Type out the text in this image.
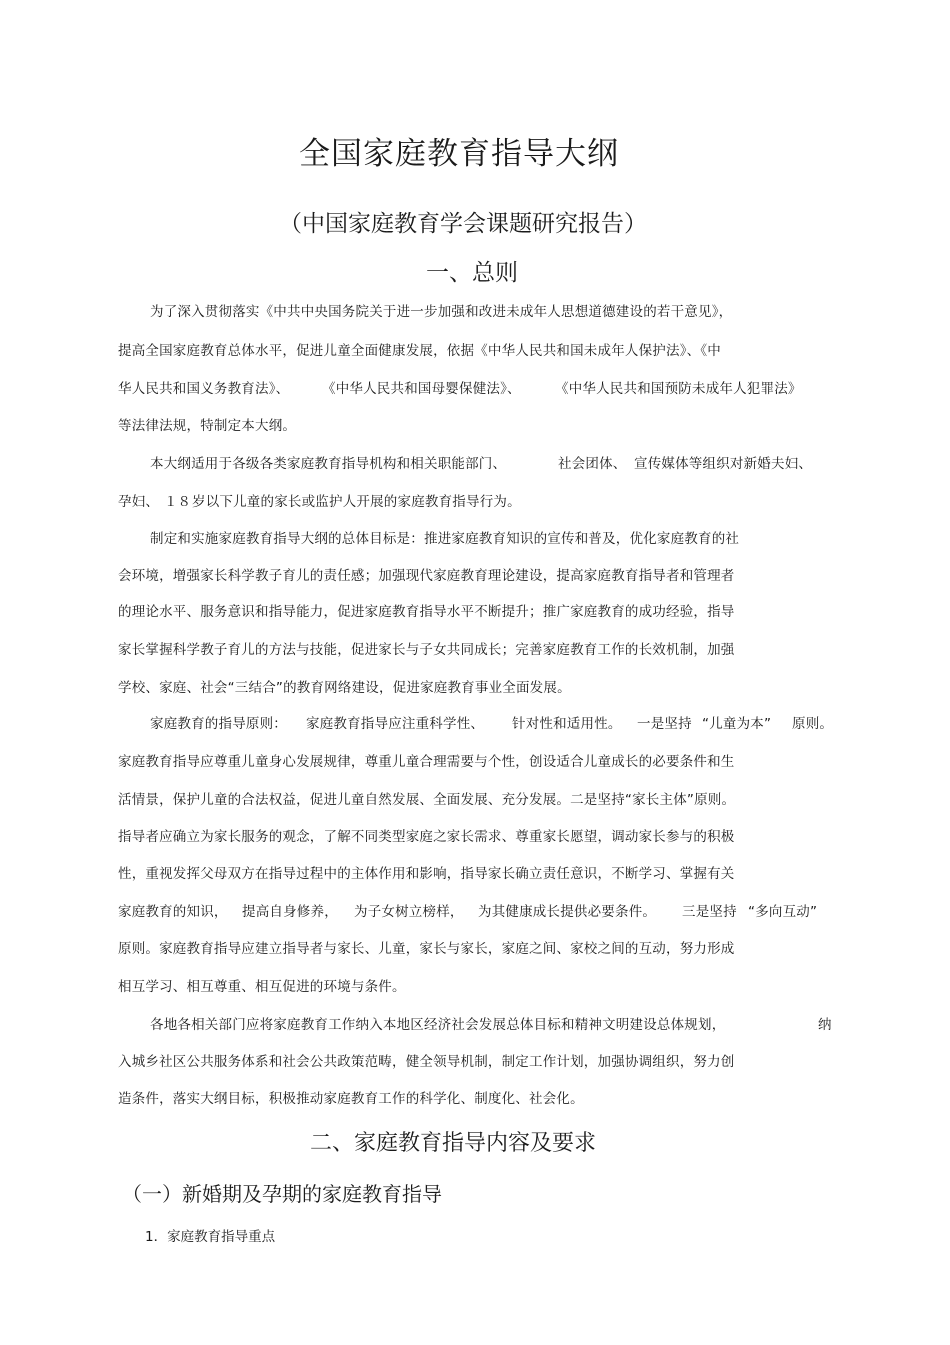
全国家庭教育指导大纲
（中国家庭教育学会课题研究报告）
一、总则

为了深入贯彻落实《中共中央国务院关于进一步加强和改进未成年人思想道德建设的若干意见》，

提高全国家庭教育总体水平，促进儿童全面健康发展，依据《中华人民共和国未成年人保护法》、《中

华人民共和国义务教育法》、 《中华人民共和国母婴保健法》、	《中华人民共和国预防未成年人犯罪法》

等法律法规，特制定本大纲。

本大纲适用于各级各类家庭教育指导机构和相关职能部门、	社会团体、 宣传媒体等组织对新婚夫妇、

孕妇、 １８ 岁以下儿童的家长或监护人开展的家庭教育指导行为。

制定和实施家庭教育指导大纲的总体目标是：推进家庭教育知识的宣传和普及，优化家庭教育的社

会环境，增强家长科学教子育儿的责任感；加强现代家庭教育理论建设，提高家庭教育指导者和管理者

的理论水平、服务意识和指导能力，促进家庭教育指导水平不断提升；推广家庭教育的成功经验，指导

家长掌握科学教子育儿的方法与技能，促进家长与子女共同成长；完善家庭教育工作的长效机制，加强

学校、家庭、社会“三结合”的教育网络建设，促进家庭教育事业全面发展。

家庭教育的指导原则： 家庭教育指导应注重科学性、 针对性和适用性。 一是坚持 “儿童为本” 原则。

家庭教育指导应尊重儿童身心发展规律，尊重儿童合理需要与个性，创设适合儿童成长的必要条件和生

活情景，保护儿童的合法权益，促进儿童自然发展、全面发展、充分发展。二是坚持“家长主体”原则。

指导者应确立为家长服务的观念，了解不同类型家庭之家长需求、尊重家长愿望，调动家长参与的积极

性，重视发挥父母双方在指导过程中的主体作用和影响，指导家长确立责任意识，不断学习、掌握有关

家庭教育的知识， 提高自身修养， 为子女树立榜样， 为其健康成长提供必要条件。 三是坚持 “多向互动”

原则。家庭教育指导应建立指导者与家长、儿童，家长与家长，家庭之间、家校之间的互动，努力形成

相互学习、相互尊重、相互促进的环境与条件。

各地各相关部门应将家庭教育工作纳入本地区经济社会发展总体目标和精神文明建设总体规划，	纳

入城乡社区公共服务体系和社会公共政策范畴，健全领导机制，制定工作计划，加强协调组织，努力创

造条件，落实大纲目标，积极推动家庭教育工作的科学化、制度化、社会化。

二、家庭教育指导内容及要求
（一）新婚期及孕期的家庭教育指导
1．家庭教育指导重点
